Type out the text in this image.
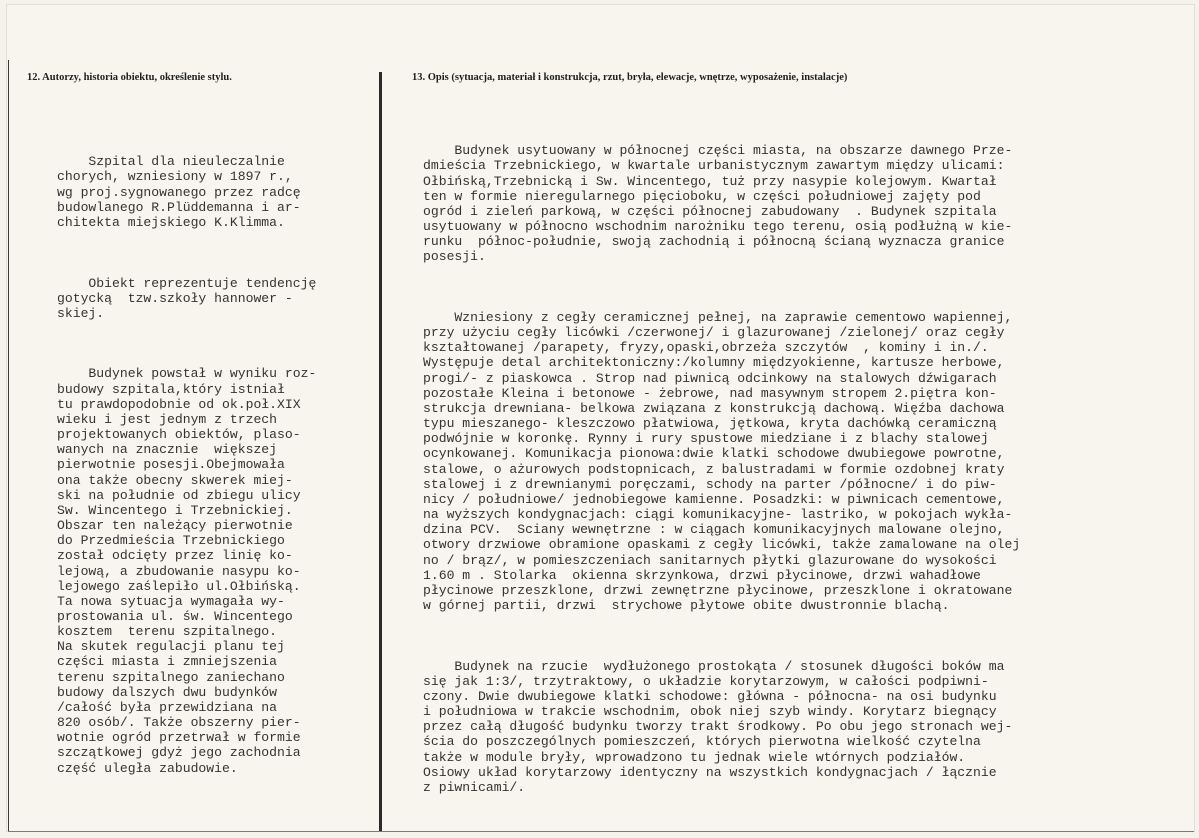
12. Autorzy, historia obiektu, określenie stylu.	13. Opis (sytuacja, materiał i konstrukcja, rzut, bryła, elewacje, wnętrze, wyposażenie, instalacje)

Szpital dla nieuleczalnie
chorych, wzniesiony w 1897 r.,
wg proj.sygnowanego przez radcę
budowlanego R.Plüddemanna i ar-
chitekta miejskiego K.Klimma.

Obiekt reprezentuje tendencję
gotycką  tzw.szkoły hannower -
skiej.

Budynek powstał w wyniku roz-
budowy szpitala,który istniał
tu prawdopodobnie od ok.poł.XIX
wieku i jest jednym z trzech
projektowanych obiektów, plaso-
wanych na znacznie  większej
pierwotnie posesji.Obejmowała
ona także obecny skwerek miej-
ski na południe od zbiegu ulicy
Sw. Wincentego i Trzebnickiej.
Obszar ten należący pierwotnie
do Przedmieścia Trzebnickiego
został odcięty przez linię ko-
lejową, a zbudowanie nasypu ko-
lejowego zaślepiło ul.Ołbińską.
Ta nowa sytuacja wymagała wy-
prostowania ul. św. Wincentego
kosztem  terenu szpitalnego.
Na skutek regulacji planu tej
części miasta i zmniejszenia
terenu szpitalnego zaniechano
budowy dalszych dwu budynków
/całość była przewidziana na
820 osób/. Także obszerny pier-
wotnie ogród przetrwał w formie
szczątkowej gdyż jego zachodnia
część uległa zabudowie.

Budynek usytuowany w północnej części miasta, na obszarze dawnego Prze-
dmieścia Trzebnickiego, w kwartale urbanistycznym zawartym między ulicami:
Ołbińską,Trzebnicką i Sw. Wincentego, tuż przy nasypie kolejowym. Kwartał
ten w formie nieregularnego pięcioboku, w części południowej zajęty pod
ogród i zieleń parkową, w części północnej zabudowany  . Budynek szpitala
usytuowany w północno wschodnim narożniku tego terenu, osią podłużną w kie-
runku  północ-południe, swoją zachodnią i północną ścianą wyznacza granice
posesji.

Wzniesiony z cegły ceramicznej pełnej, na zaprawie cementowo wapiennej,
przy użyciu cegły licówki /czerwonej/ i glazurowanej /zielonej/ oraz cegły
kształtowanej /parapety, fryzy,opaski,obrzeża szczytów  , kominy i in./.
Występuje detal architektoniczny:/kolumny międzyokienne, kartusze herbowe,
progi/- z piaskowca . Strop nad piwnicą odcinkowy na stalowych dźwigarach
pozostałe Kleina i betonowe - żebrowe, nad masywnym stropem 2.piętra kon-
strukcja drewniana- belkowa związana z konstrukcją dachową. Więźba dachowa
typu mieszanego- kleszczowo płatwiowa, jętkowa, kryta dachówką ceramiczną
podwójnie w koronkę. Rynny i rury spustowe miedziane i z blachy stalowej
ocynkowanej. Komunikacja pionowa:dwie klatki schodowe dwubiegowe powrotne,
stalowe, o ażurowych podstopnicach, z balustradami w formie ozdobnej kraty
stalowej i z drewnianymi poręczami, schody na parter /północne/ i do piw-
nicy / południowe/ jednobiegowe kamienne. Posadzki: w piwnicach cementowe,
na wyższych kondygnacjach: ciągi komunikacyjne- lastriko, w pokojach wykła-
dzina PCV.  Sciany wewnętrzne : w ciągach komunikacyjnych malowane olejno,
otwory drzwiowe obramione opaskami z cegły licówki, także zamalowane na olej
no / brąz/, w pomieszczeniach sanitarnych płytki glazurowane do wysokości
1.60 m . Stolarka  okienna skrzynkowa, drzwi płycinowe, drzwi wahadłowe
płycinowe przeszklone, drzwi zewnętrzne płycinowe, przeszklone i okratowane
w górnej partii, drzwi  strychowe płytowe obite dwustronnie blachą.

Budynek na rzucie  wydłużonego prostokąta / stosunek długości boków ma
się jak 1:3/, trzytraktowy, o układzie korytarzowym, w całości podpiwni-
czony. Dwie dwubiegowe klatki schodowe: główna - północna- na osi budynku
i południowa w trakcie wschodnim, obok niej szyb windy. Korytarz biegnący
przez całą długość budynku tworzy trakt środkowy. Po obu jego stronach wej-
ścia do poszczególnych pomieszczeń, których pierwotna wielkość czytelna
także w module bryły, wprowadzono tu jednak wiele wtórnych podziałów.
Osiowy układ korytarzowy identyczny na wszystkich kondygnacjach / łącznie
z piwnicami/.
